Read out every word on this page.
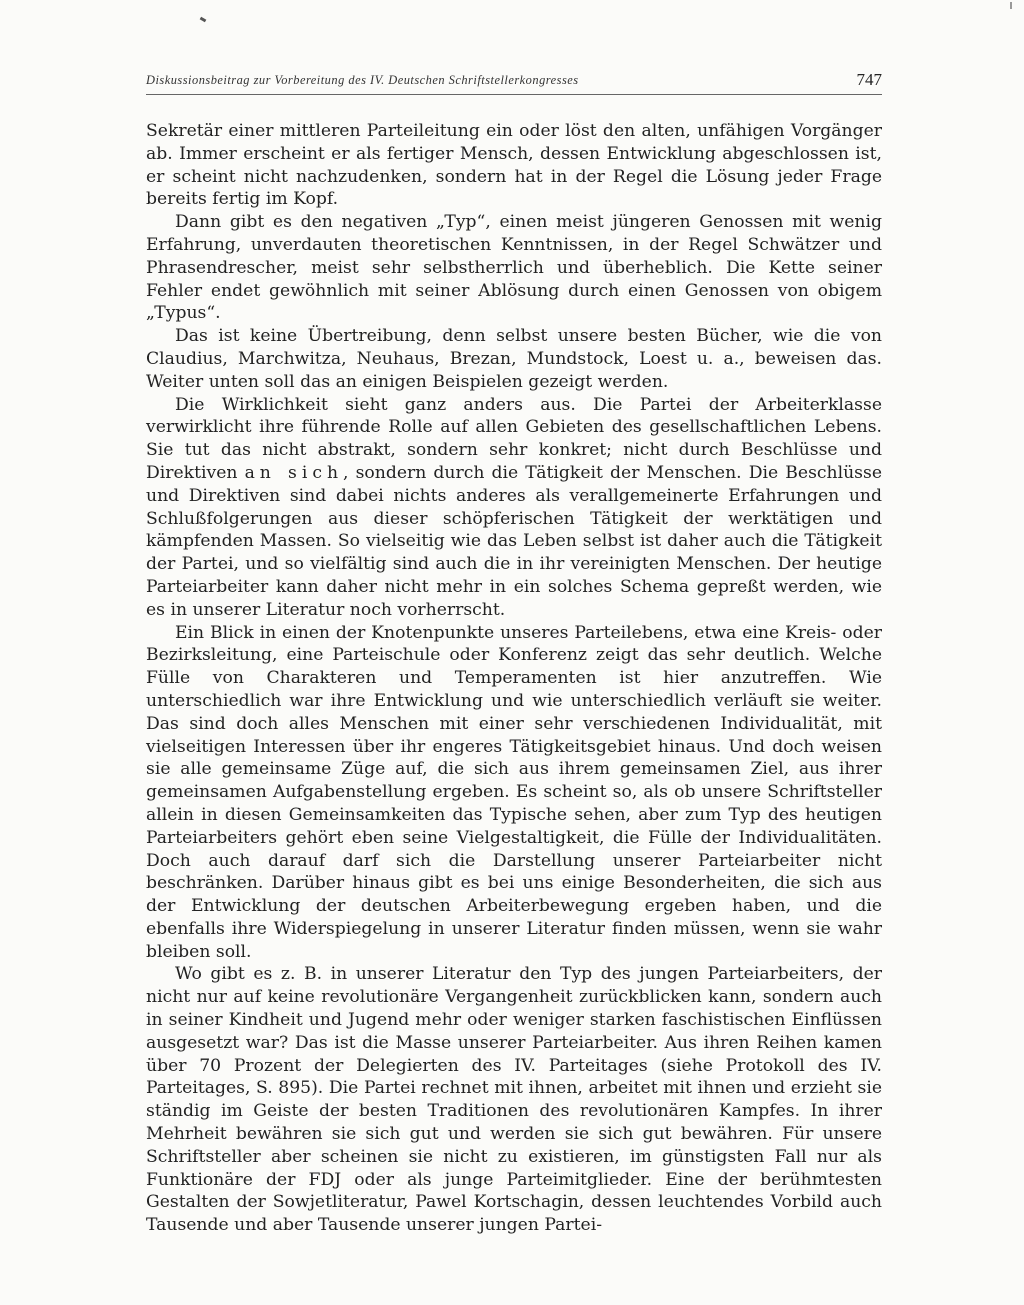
Diskussionsbeitrag zur Vorbereitung des IV. Deutschen Schriftstellerkongresses	747

Sekretär einer mittleren Parteileitung ein oder löst den alten, unfähigen Vorgänger ab. Immer erscheint er als fertiger Mensch, dessen Entwicklung abgeschlossen ist, er scheint nicht nachzudenken, sondern hat in der Regel die Lösung jeder Frage bereits fertig im Kopf.

Dann gibt es den negativen „Typ“, einen meist jüngeren Genossen mit wenig Erfahrung, unverdauten theoretischen Kenntnissen, in der Regel Schwätzer und Phrasendrescher, meist sehr selbstherrlich und überheblich. Die Kette seiner Fehler endet gewöhnlich mit seiner Ablösung durch einen Genossen von obigem „Typus“.

Das ist keine Übertreibung, denn selbst unsere besten Bücher, wie die von Claudius, Marchwitza, Neuhaus, Brezan, Mundstock, Loest u. a., beweisen das. Weiter unten soll das an einigen Beispielen gezeigt werden.

Die Wirklichkeit sieht ganz anders aus. Die Partei der Arbeiterklasse verwirklicht ihre führende Rolle auf allen Gebieten des gesellschaftlichen Lebens. Sie tut das nicht abstrakt, sondern sehr konkret; nicht durch Beschlüsse und Direktiven an sich, sondern durch die Tätigkeit der Menschen. Die Beschlüsse und Direktiven sind dabei nichts anderes als verallgemeinerte Erfahrungen und Schlußfolgerungen aus dieser schöpferischen Tätigkeit der werktätigen und kämpfenden Massen. So vielseitig wie das Leben selbst ist daher auch die Tätigkeit der Partei, und so vielfältig sind auch die in ihr vereinigten Menschen. Der heutige Parteiarbeiter kann daher nicht mehr in ein solches Schema gepreßt werden, wie es in unserer Literatur noch vorherrscht.

Ein Blick in einen der Knotenpunkte unseres Parteilebens, etwa eine Kreis- oder Bezirksleitung, eine Parteischule oder Konferenz zeigt das sehr deutlich. Welche Fülle von Charakteren und Temperamenten ist hier anzutreffen. Wie unterschiedlich war ihre Entwicklung und wie unterschiedlich verläuft sie weiter. Das sind doch alles Menschen mit einer sehr verschiedenen Individualität, mit vielseitigen Interessen über ihr engeres Tätigkeitsgebiet hinaus. Und doch weisen sie alle gemeinsame Züge auf, die sich aus ihrem gemeinsamen Ziel, aus ihrer gemeinsamen Aufgabenstellung ergeben. Es scheint so, als ob unsere Schriftsteller allein in diesen Gemeinsamkeiten das Typische sehen, aber zum Typ des heutigen Parteiarbeiters gehört eben seine Vielgestaltigkeit, die Fülle der Individualitäten. Doch auch darauf darf sich die Darstellung unserer Parteiarbeiter nicht beschränken. Darüber hinaus gibt es bei uns einige Besonderheiten, die sich aus der Entwicklung der deutschen Arbeiterbewegung ergeben haben, und die ebenfalls ihre Widerspiegelung in unserer Literatur finden müssen, wenn sie wahr bleiben soll.

Wo gibt es z. B. in unserer Literatur den Typ des jungen Parteiarbeiters, der nicht nur auf keine revolutionäre Vergangenheit zurückblicken kann, sondern auch in seiner Kindheit und Jugend mehr oder weniger starken faschistischen Einflüssen ausgesetzt war? Das ist die Masse unserer Parteiarbeiter. Aus ihren Reihen kamen über 70 Prozent der Delegierten des IV. Parteitages (siehe Protokoll des IV. Parteitages, S. 895). Die Partei rechnet mit ihnen, arbeitet mit ihnen und erzieht sie ständig im Geiste der besten Traditionen des revolutionären Kampfes. In ihrer Mehrheit bewähren sie sich gut und werden sie sich gut bewähren. Für unsere Schriftsteller aber scheinen sie nicht zu existieren, im günstigsten Fall nur als Funktionäre der FDJ oder als junge Parteimitglieder. Eine der berühmtesten Gestalten der Sowjetliteratur, Pawel Kortschagin, dessen leuchtendes Vorbild auch Tausende und aber Tausende unserer jungen Partei-
